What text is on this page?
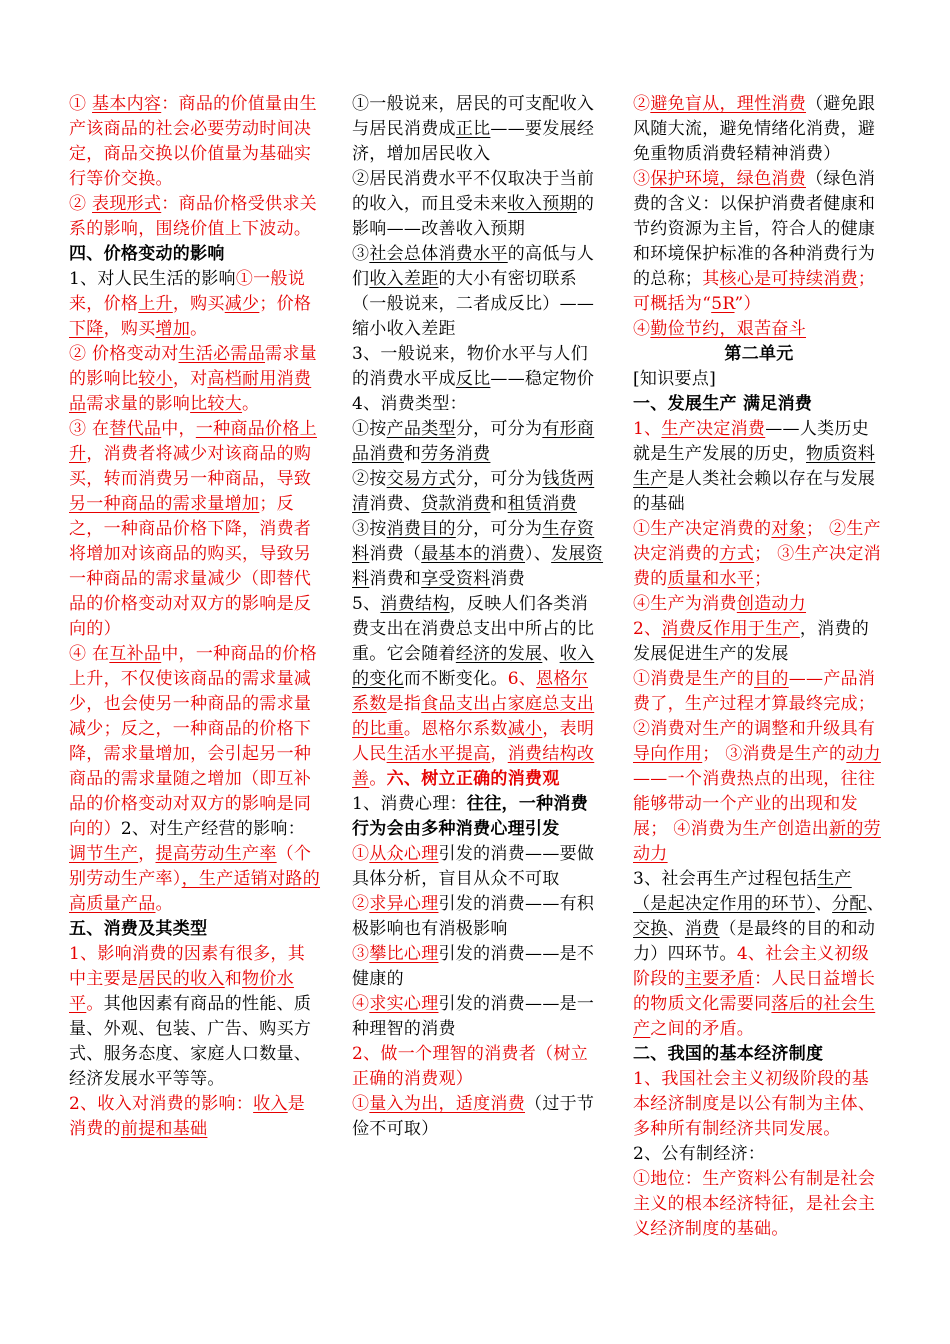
① 基本内容：商品的价值量由生产该商品的社会必要劳动时间决定，商品交换以价值量为基础实行等价交换。

② 表现形式：商品价格受供求关系的影响，围绕价值上下波动。

四、价格变动的影响

1、对人民生活的影响①一般说来，价格上升，购买减少；价格下降，购买增加。

② 价格变动对生活必需品需求量的影响比较小，对高档耐用消费品需求量的影响比较大。

③ 在替代品中，一种商品价格上升，消费者将减少对该商品的购买，转而消费另一种商品，导致另一种商品的需求量增加；反之，一种商品价格下降，消费者将增加对该商品的购买，导致另一种商品的需求量减少（即替代品的价格变动对双方的影响是反向的）

④ 在互补品中，一种商品的价格上升，不仅使该商品的需求量减少，也会使另一种商品的需求量减少；反之，一种商品的价格下降，需求量增加，会引起另一种商品的需求量随之增加（即互补品的价格变动对双方的影响是同向的）2、对生产经营的影响：调节生产，提高劳动生产率（个别劳动生产率），生产适销对路的高质量产品。

五、消费及其类型

1、影响消费的因素有很多，其中主要是居民的收入和物价水平。其他因素有商品的性能、质量、外观、包装、广告、购买方式、服务态度、家庭人口数量、经济发展水平等等。

2、收入对消费的影响：收入是消费的前提和基础

①一般说来，居民的可支配收入与居民消费成正比——要发展经济，增加居民收入

②居民消费水平不仅取决于当前的收入，而且受未来收入预期的影响——改善收入预期

③社会总体消费水平的高低与人们收入差距的大小有密切联系（一般说来，二者成反比）——缩小收入差距

3、一般说来，物价水平与人们的消费水平成反比——稳定物价

4、消费类型：

①按产品类型分，可分为有形商品消费和劳务消费

②按交易方式分，可分为钱货两清消费、贷款消费和租赁消费

③按消费目的分，可分为生存资料消费（最基本的消费）、发展资料消费和享受资料消费

5、消费结构，反映人们各类消费支出在消费总支出中所占的比重。它会随着经济的发展、收入的变化而不断变化。6、恩格尔系数是指食品支出占家庭总支出的比重。恩格尔系数减小，表明人民生活水平提高，消费结构改善。六、树立正确的消费观

1、消费心理：往往，一种消费行为会由多种消费心理引发

①从众心理引发的消费——要做具体分析，盲目从众不可取

②求异心理引发的消费——有积极影响也有消极影响

③攀比心理引发的消费——是不健康的

④求实心理引发的消费——是一种理智的消费

2、做一个理智的消费者（树立正确的消费观）

①量入为出，适度消费（过于节俭不可取）

②避免盲从，理性消费（避免跟风随大流，避免情绪化消费，避免重物质消费轻精神消费）

③保护环境，绿色消费（绿色消费的含义：以保护消费者健康和节约资源为主旨，符合人的健康和环境保护标准的各种消费行为的总称；其核心是可持续消费；可概括为“5R”）

④勤俭节约，艰苦奋斗

第二单元

[知识要点]

一、发展生产 满足消费

1、生产决定消费——人类历史就是生产发展的历史，物质资料生产是人类社会赖以存在与发展的基础

①生产决定消费的对象； ②生产决定消费的方式； ③生产决定消费的质量和水平；

④生产为消费创造动力

2、消费反作用于生产，消费的发展促进生产的发展

①消费是生产的目的——产品消费了，生产过程才算最终完成； ②消费对生产的调整和升级具有导向作用； ③消费是生产的动力——一个消费热点的出现，往往能够带动一个产业的出现和发展； ④消费为生产创造出新的劳动力

3、社会再生产过程包括生产（是起决定作用的环节）、分配、交换、消费（是最终的目的和动力）四环节。4、社会主义初级阶段的主要矛盾：人民日益增长的物质文化需要同落后的社会生产之间的矛盾。

二、我国的基本经济制度

1、我国社会主义初级阶段的基本经济制度是以公有制为主体、多种所有制经济共同发展。

2、公有制经济：

①地位：生产资料公有制是社会主义的根本经济特征，是社会主义经济制度的基础。
